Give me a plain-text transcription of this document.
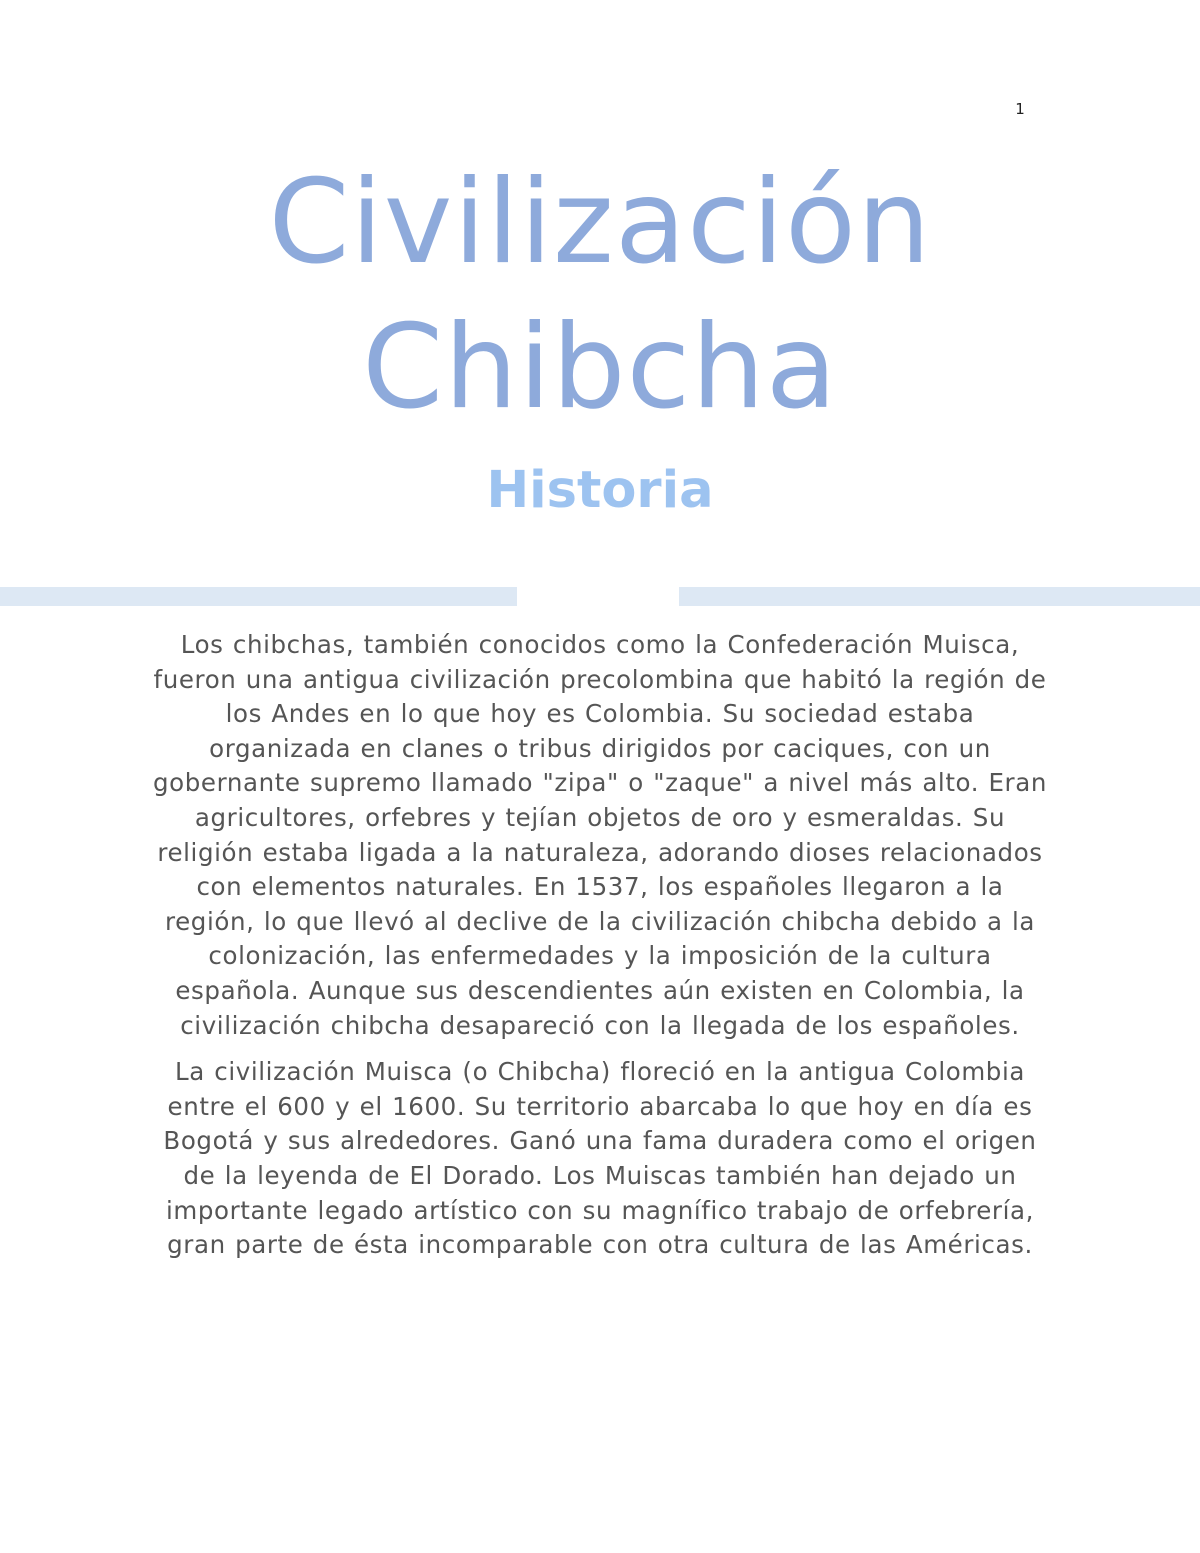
1
Civilización
Chibcha
Historia

Los chibchas, también conocidos como la Confederación Muisca, fueron una antigua civilización precolombina que habitó la región de los Andes en lo que hoy es Colombia. Su sociedad estaba organizada en clanes o tribus dirigidos por caciques, con un gobernante supremo llamado "zipa" o "zaque" a nivel más alto. Eran agricultores, orfebres y tejían objetos de oro y esmeraldas. Su religión estaba ligada a la naturaleza, adorando dioses relacionados con elementos naturales. En 1537, los españoles llegaron a la región, lo que llevó al declive de la civilización chibcha debido a la colonización, las enfermedades y la imposición de la cultura española. Aunque sus descendientes aún existen en Colombia, la civilización chibcha desapareció con la llegada de los españoles.

La civilización Muisca (o Chibcha) floreció en la antigua Colombia entre el 600 y el 1600. Su territorio abarcaba lo que hoy en día es Bogotá y sus alrededores. Ganó una fama duradera como el origen de la leyenda de El Dorado. Los Muiscas también han dejado un importante legado artístico con su magnífico trabajo de orfebrería, gran parte de ésta incomparable con otra cultura de las Américas.
